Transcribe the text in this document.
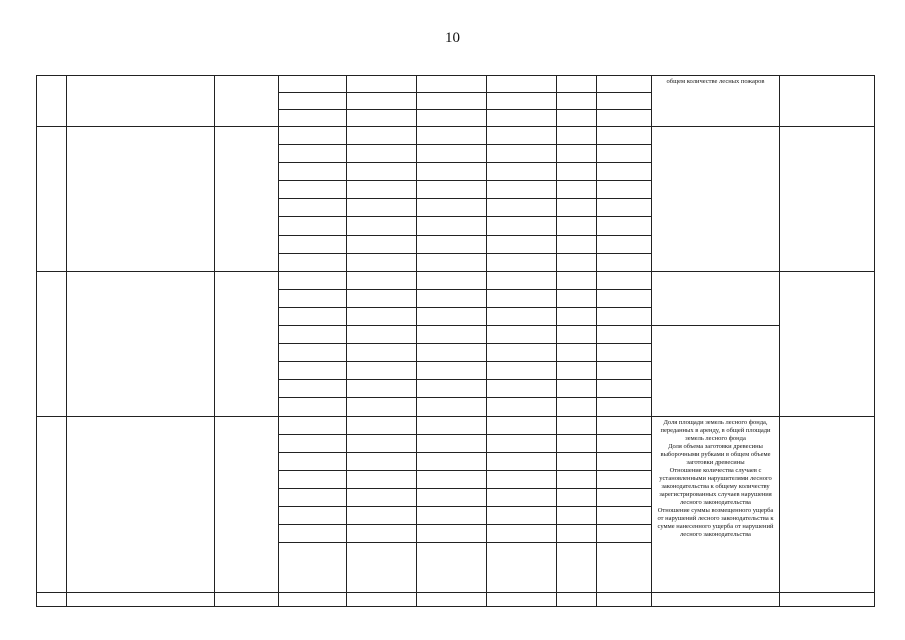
10

									общем количестве лесных пожаров	

									Доля площади земель лесного фонда, переданных в аренду, в общей площади земель лесного фонда
Доля объема заготовки древесины выборочными рубками в общем объеме заготовки древесины
Отношение количества случаев с установленными нарушителями лесного законодательства к общему количеству зарегистрированных случаев нарушения лесного законодательства
Отношение суммы возмещенного ущерба от нарушений лесного законодательства к сумме нанесенного ущерба от нарушений лесного законодательства	
